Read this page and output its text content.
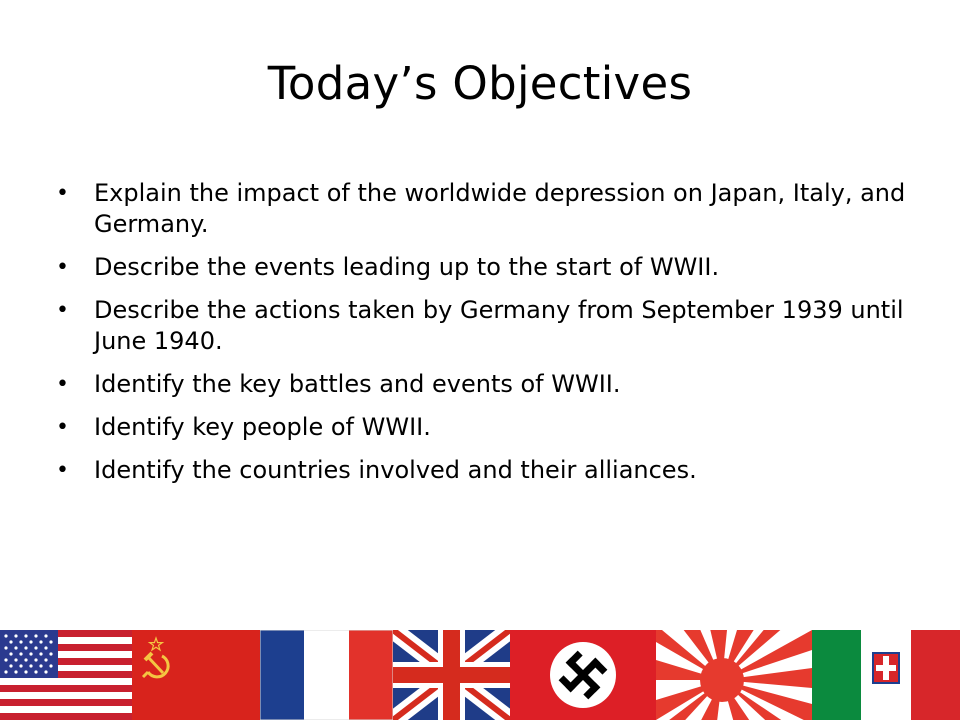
Today’s Objectives
• Explain the impact of the worldwide depression on Japan, Italy, and Germany.
• Describe the events leading up to the start of WWII.
• Describe the actions taken by Germany from September 1939 until June 1940.
• Identify the key battles and events of WWII.
• Identify key people of WWII.
• Identify the countries involved and their alliances.
